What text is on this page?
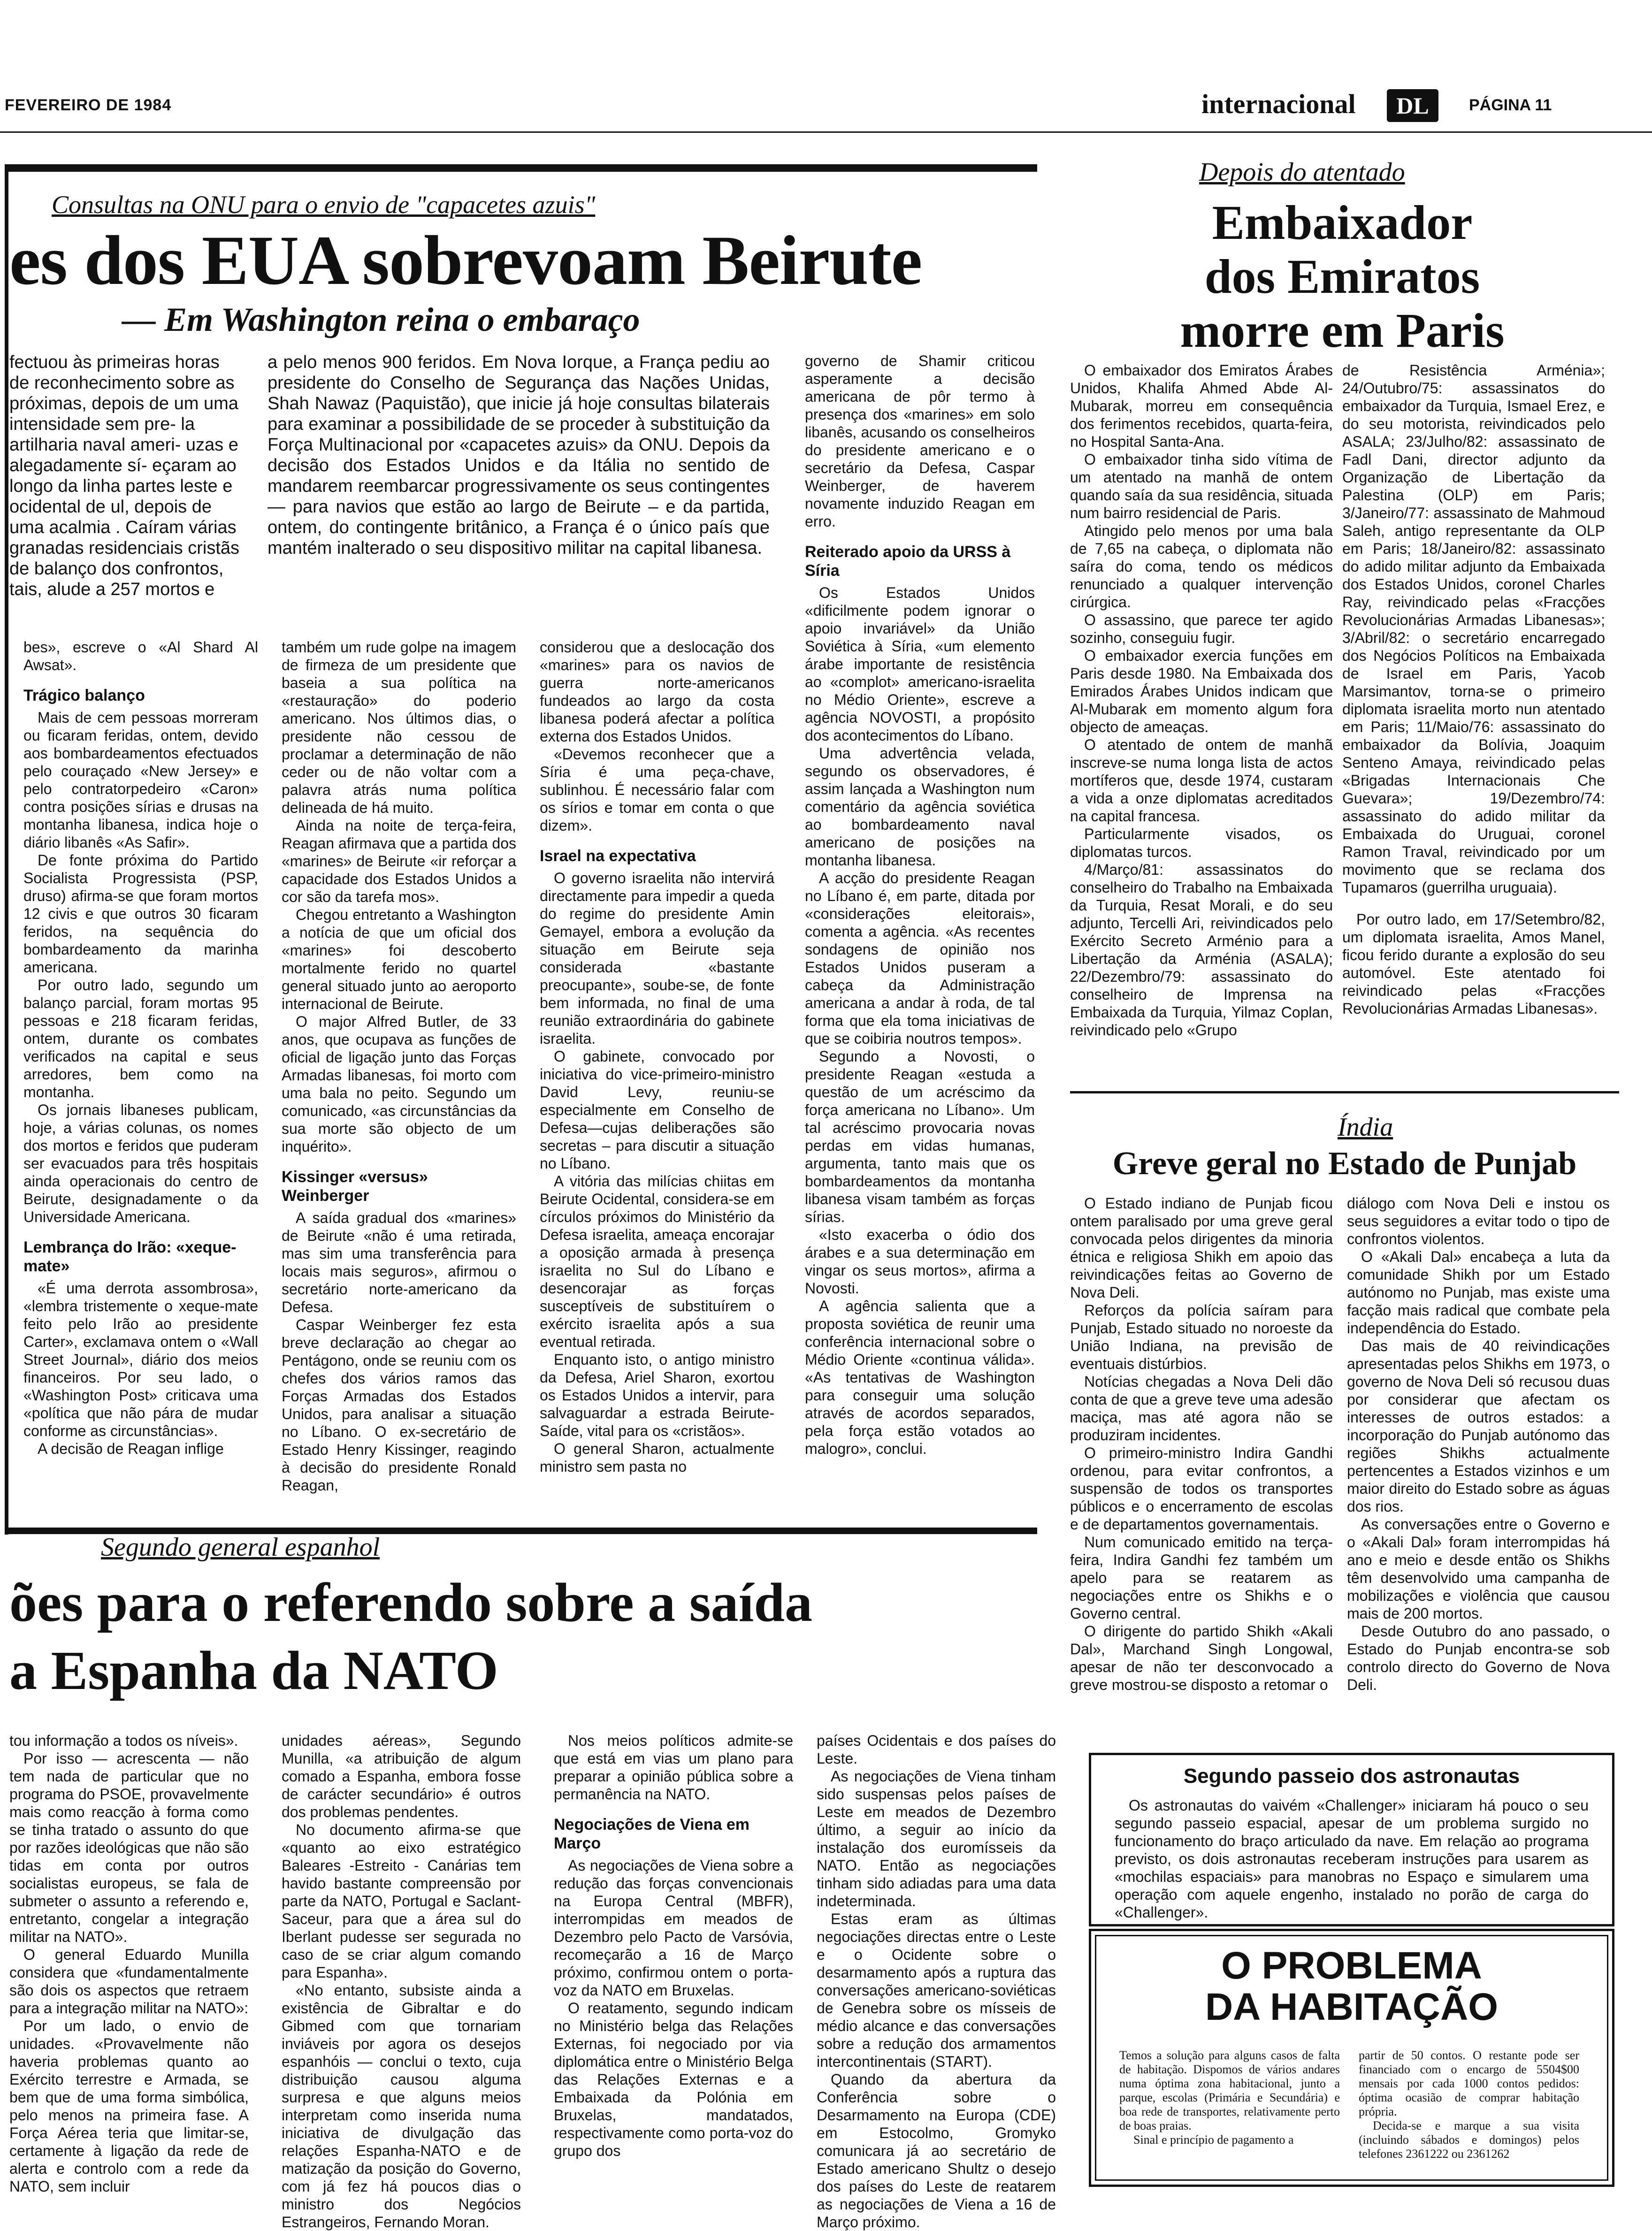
FEVEREIRO DE 1984	internacional	DL	PÁGINA 11
Consultas na ONU para o envio de "capacetes azuis"
es dos EUA sobrevoam Beirute
— Em Washington reina o embaraço

fectuou às primeiras horas de reconhecimento sobre as próximas, depois de um uma intensidade sem pre- la artilharia naval ameri- uzas e alegadamente sí- eçaram ao longo da linha partes leste e ocidental de ul, depois de uma acalmia . Caíram várias granadas residenciais cristãs de balanço dos confrontos, tais, alude a 257 mortos e

a pelo menos 900 feridos. Em Nova Iorque, a França pediu ao presidente do Conselho de Segurança das Nações Unidas, Shah Nawaz (Paquistão), que inicie já hoje consultas bilaterais para examinar a possibilidade de se proceder à substituição da Força Multinacional por «capacetes azuis» da ONU. Depois da decisão dos Estados Unidos e da Itália no sentido de mandarem reembarcar progressivamente os seus contingentes — para navios que estão ao largo de Beirute – e da partida, ontem, do contingente britânico, a França é o único país que mantém inalterado o seu dispositivo militar na capital libanesa.

bes», escreve o «Al Shard Al Awsat».

Trágico balanço

Mais de cem pessoas morreram ou ficaram feridas, ontem, devido aos bombardeamentos efectuados pelo couraçado «New Jersey» e pelo contratorpedeiro «Caron» contra posições sírias e drusas na montanha libanesa, indica hoje o diário libanês «As Safir».

De fonte próxima do Partido Socialista Progressista (PSP, druso) afirma-se que foram mortos 12 civis e que outros 30 ficaram feridos, na sequência do bombardeamento da marinha americana.

Por outro lado, segundo um balanço parcial, foram mortas 95 pessoas e 218 ficaram feridas, ontem, durante os combates verificados na capital e seus arredores, bem como na montanha.

Os jornais libaneses publicam, hoje, a várias colunas, os nomes dos mortos e feridos que puderam ser evacuados para três hospitais ainda operacionais do centro de Beirute, designadamente o da Universidade Americana.

Lembrança do Irão: «xeque-mate»

«É uma derrota assombrosa», «lembra tristemente o xeque-mate feito pelo Irão ao presidente Carter», exclamava ontem o «Wall Street Journal», diário dos meios financeiros. Por seu lado, o «Washington Post» criticava uma «política que não pára de mudar conforme as circunstâncias».

A decisão de Reagan inflige

também um rude golpe na imagem de firmeza de um presidente que baseia a sua política na «restauração» do poderio americano. Nos últimos dias, o presidente não cessou de proclamar a determinação de não ceder ou de não voltar com a palavra atrás numa política delineada de há muito.

Ainda na noite de terça-feira, Reagan afirmava que a partida dos «marines» de Beirute «ir reforçar a capacidade dos Estados Unidos a cor são da tarefa mos».

Chegou entretanto a Washington a notícia de que um oficial dos «marines» foi descoberto mortalmente ferido no quartel general situado junto ao aeroporto internacional de Beirute.

O major Alfred Butler, de 33 anos, que ocupava as funções de oficial de ligação junto das Forças Armadas libanesas, foi morto com uma bala no peito. Segundo um comunicado, «as circunstâncias da sua morte são objecto de um inquérito».

Kissinger «versus» Weinberger

A saída gradual dos «marines» de Beirute «não é uma retirada, mas sim uma transferência para locais mais seguros», afirmou o secretário norte-americano da Defesa.

Caspar Weinberger fez esta breve declaração ao chegar ao Pentágono, onde se reuniu com os chefes dos vários ramos das Forças Armadas dos Estados Unidos, para analisar a situação no Líbano. O ex-secretário de Estado Henry Kissinger, reagindo à decisão do presidente Ronald Reagan,

considerou que a deslocação dos «marines» para os navios de guerra norte-americanos fundeados ao largo da costa libanesa poderá afectar a política externa dos Estados Unidos.

«Devemos reconhecer que a Síria é uma peça-chave, sublinhou. É necessário falar com os sírios e tomar em conta o que dizem».

Israel na expectativa

O governo israelita não intervirá directamente para impedir a queda do regime do presidente Amin Gemayel, embora a evolução da situação em Beirute seja considerada «bastante preocupante», soube-se, de fonte bem informada, no final de uma reunião extraordinária do gabinete israelita.

O gabinete, convocado por iniciativa do vice-primeiro-ministro David Levy, reuniu-se especialmente em Conselho de Defesa—cujas deliberações são secretas – para discutir a situação no Líbano.

A vitória das milícias chiitas em Beirute Ocidental, considera-se em círculos próximos do Ministério da Defesa israelita, ameaça encorajar a oposição armada à presença israelita no Sul do Líbano e desencorajar as forças susceptíveis de substituírem o exército israelita após a sua eventual retirada.

Enquanto isto, o antigo ministro da Defesa, Ariel Sharon, exortou os Estados Unidos a intervir, para salvaguardar a estrada Beirute-Saíde, vital para os «cristãos».

O general Sharon, actualmente ministro sem pasta no

governo de Shamir criticou asperamente a decisão americana de pôr termo à presença dos «marines» em solo libanês, acusando os conselheiros do presidente americano e o secretário da Defesa, Caspar Weinberger, de haverem novamente induzido Reagan em erro.

Reiterado apoio da URSS à Síria

Os Estados Unidos «dificilmente podem ignorar o apoio invariável» da União Soviética à Síria, «um elemento árabe importante de resistência ao «complot» americano-israelita no Médio Oriente», escreve a agência NOVOSTI, a propósito dos acontecimentos do Líbano.

Uma advertência velada, segundo os observadores, é assim lançada a Washington num comentário da agência soviética ao bombardeamento naval americano de posições na montanha libanesa.

A acção do presidente Reagan no Líbano é, em parte, ditada por «considerações eleitorais», comenta a agência. «As recentes sondagens de opinião nos Estados Unidos puseram a cabeça da Administração americana a andar à roda, de tal forma que ela toma iniciativas de que se coibiria noutros tempos».

Segundo a Novosti, o presidente Reagan «estuda a questão de um acréscimo da força americana no Líbano». Um tal acréscimo provocaria novas perdas em vidas humanas, argumenta, tanto mais que os bombardeamentos da montanha libanesa visam também as forças sírias.

«Isto exacerba o ódio dos árabes e a sua determinação em vingar os seus mortos», afirma a Novosti.

A agência salienta que a proposta soviética de reunir uma conferência internacional sobre o Médio Oriente «continua válida». «As tentativas de Washington para conseguir uma solução através de acordos separados, pela força estão votados ao malogro», conclui.

Depois do atentado
Embaixador
dos Emiratos
morre em Paris

O embaixador dos Emiratos Árabes Unidos, Khalifa Ahmed Abde Al-Mubarak, morreu em consequência dos ferimentos recebidos, quarta-feira, no Hospital Santa-Ana.

O embaixador tinha sido vítima de um atentado na manhã de ontem quando saía da sua residência, situada num bairro residencial de Paris.

Atingido pelo menos por uma bala de 7,65 na cabeça, o diplomata não saíra do coma, tendo os médicos renunciado a qualquer intervenção cirúrgica.

O assassino, que parece ter agido sozinho, conseguiu fugir.

O embaixador exercia funções em Paris desde 1980. Na Embaixada dos Emirados Árabes Unidos indicam que Al-Mubarak em momento algum fora objecto de ameaças.

O atentado de ontem de manhã inscreve-se numa longa lista de actos mortíferos que, desde 1974, custaram a vida a onze diplomatas acreditados na capital francesa.

Particularmente visados, os diplomatas turcos.

4/Março/81: assassinatos do conselheiro do Trabalho na Embaixada da Turquia, Resat Morali, e do seu adjunto, Tercelli Ari, reivindicados pelo Exército Secreto Arménio para a Libertação da Arménia (ASALA); 22/Dezembro/79: assassinato do conselheiro de Imprensa na Embaixada da Turquia, Yilmaz Coplan, reivindicado pelo «Grupo

de Resistência Arménia»; 24/Outubro/75: assassinatos do embaixador da Turquia, Ismael Erez, e do seu motorista, reivindicados pelo ASALA; 23/Julho/82: assassinato de Fadl Dani, director adjunto da Organização de Libertação da Palestina (OLP) em Paris; 3/Janeiro/77: assassinato de Mahmoud Saleh, antigo representante da OLP em Paris; 18/Janeiro/82: assassinato do adido militar adjunto da Embaixada dos Estados Unidos, coronel Charles Ray, reivindicado pelas «Fracções Revolucionárias Armadas Libanesas»; 3/Abril/82: o secretário encarregado dos Negócios Políticos na Embaixada de Israel em Paris, Yacob Marsimantov, torna-se o primeiro diplomata israelita morto nun atentado em Paris; 11/Maio/76: assassinato do embaixador da Bolívia, Joaquim Senteno Amaya, reivindicado pelas «Brigadas Internacionais Che Guevara»; 19/Dezembro/74: assassinato do adido militar da Embaixada do Uruguai, coronel Ramon Traval, reivindicado por um movimento que se reclama dos Tupamaros (guerrilha uruguaia).

Por outro lado, em 17/Setembro/82, um diplomata israelita, Amos Manel, ficou ferido durante a explosão do seu automóvel. Este atentado foi reivindicado pelas «Fracções Revolucionárias Armadas Libanesas».

Índia
Greve geral no Estado de Punjab

O Estado indiano de Punjab ficou ontem paralisado por uma greve geral convocada pelos dirigentes da minoria étnica e religiosa Shikh em apoio das reivindicações feitas ao Governo de Nova Deli.

Reforços da polícia saíram para Punjab, Estado situado no noroeste da União Indiana, na previsão de eventuais distúrbios.

Notícias chegadas a Nova Deli dão conta de que a greve teve uma adesão maciça, mas até agora não se produziram incidentes.

O primeiro-ministro Indira Gandhi ordenou, para evitar confrontos, a suspensão de todos os transportes públicos e o encerramento de escolas e de departamentos governamentais.

Num comunicado emitido na terça-feira, Indira Gandhi fez também um apelo para se reatarem as negociações entre os Shikhs e o Governo central.

O dirigente do partido Shikh «Akali Dal», Marchand Singh Longowal, apesar de não ter desconvocado a greve mostrou-se disposto a retomar o

diálogo com Nova Deli e instou os seus seguidores a evitar todo o tipo de confrontos violentos.

O «Akali Dal» encabeça a luta da comunidade Shikh por um Estado autónomo no Punjab, mas existe uma facção mais radical que combate pela independência do Estado.

Das mais de 40 reivindicações apresentadas pelos Shikhs em 1973, o governo de Nova Deli só recusou duas por considerar que afectam os interesses de outros estados: a incorporação do Punjab autónomo das regiões Shikhs actualmente pertencentes a Estados vizinhos e um maior direito do Estado sobre as águas dos rios.

As conversações entre o Governo e o «Akali Dal» foram interrompidas há ano e meio e desde então os Shikhs têm desenvolvido uma campanha de mobilizações e violência que causou mais de 200 mortos.

Desde Outubro do ano passado, o Estado do Punjab encontra-se sob controlo directo do Governo de Nova Deli.

Segundo general espanhol
ões para o referendo sobre a saída
a Espanha da NATO

tou informação a todos os níveis».

Por isso — acrescenta — não tem nada de particular que no programa do PSOE, provavelmente mais como reacção à forma como se tinha tratado o assunto do que por razões ideológicas que não são tidas em conta por outros socialistas europeus, se fala de submeter o assunto a referendo e, entretanto, congelar a integração militar na NATO».

O general Eduardo Munilla considera que «fundamentalmente são dois os aspectos que retraem para a integração militar na NATO»:

Por um lado, o envio de unidades. «Provavelmente não haveria problemas quanto ao Exército terrestre e Armada, se bem que de uma forma simbólica, pelo menos na primeira fase. A Força Aérea teria que limitar-se, certamente à ligação da rede de alerta e controlo com a rede da NATO, sem incluir

unidades aéreas», Segundo Munilla, «a atribuição de algum comado a Espanha, embora fosse de carácter secundário» é outros dos problemas pendentes.

No documento afirma-se que «quanto ao eixo estratégico Baleares -Estreito - Canárias tem havido bastante compreensão por parte da NATO, Portugal e Saclant-Saceur, para que a área sul do Iberlant pudesse ser segurada no caso de se criar algum comando para Espanha».

«No entanto, subsiste ainda a existência de Gibraltar e do Gibmed com que tornariam inviáveis por agora os desejos espanhóis — conclui o texto, cuja distribuição causou alguma surpresa e que alguns meios interpretam como inserida numa iniciativa de divulgação das relações Espanha-NATO e de matização da posição do Governo, com já fez há poucos dias o ministro dos Negócios Estrangeiros, Fernando Moran.

Nos meios políticos admite-se que está em vias um plano para preparar a opinião pública sobre a permanência na NATO.

Negociações de Viena em Março

As negociações de Viena sobre a redução das forças convencionais na Europa Central (MBFR), interrompidas em meados de Dezembro pelo Pacto de Varsóvia, recomeçarão a 16 de Março próximo, confirmou ontem o porta-voz da NATO em Bruxelas.

O reatamento, segundo indicam no Ministério belga das Relações Externas, foi negociado por via diplomática entre o Ministério Belga das Relações Externas e a Embaixada da Polónia em Bruxelas, mandatados, respectivamente como porta-voz do grupo dos

países Ocidentais e dos países do Leste.

As negociações de Viena tinham sido suspensas pelos países de Leste em meados de Dezembro último, a seguir ao início da instalação dos euromísseis da NATO. Então as negociações tinham sido adiadas para uma data indeterminada.

Estas eram as últimas negociações directas entre o Leste e o Ocidente sobre o desarmamento após a ruptura das conversações americano-soviéticas de Genebra sobre os mísseis de médio alcance e das conversações sobre a redução dos armamentos intercontinentais (START).

Quando da abertura da Conferência sobre o Desarmamento na Europa (CDE) em Estocolmo, Gromyko comunicara já ao secretário de Estado americano Shultz o desejo dos países do Leste de reatarem as negociações de Viena a 16 de Março próximo.

Segundo passeio dos astronautas
Os astronautas do vaivém «Challenger» iniciaram há pouco o seu segundo passeio espacial, apesar de um problema surgido no funcionamento do braço articulado da nave. Em relação ao programa previsto, os dois astronautas receberam instruções para usarem as «mochilas espaciais» para manobras no Espaço e simularem uma operação com aquele engenho, instalado no porão de carga do «Challenger».
O PROBLEMA
DA HABITAÇÃO
Temos a solução para alguns casos de falta de habitação. Dispomos de vários andares numa óptima zona habitacional, junto a parque, escolas (Primária e Secundária) e boa rede de transportes, relativamente perto de boas praias.
Sinal e princípio de pagamento a
partir de 50 contos. O restante pode ser financiado com o encargo de 5504$00 mensais por cada 1000 contos pedidos: óptima ocasião de comprar habitação própria.
Decida-se e marque a sua visita (incluindo sábados e domingos) pelos telefones 2361222 ou 2361262
